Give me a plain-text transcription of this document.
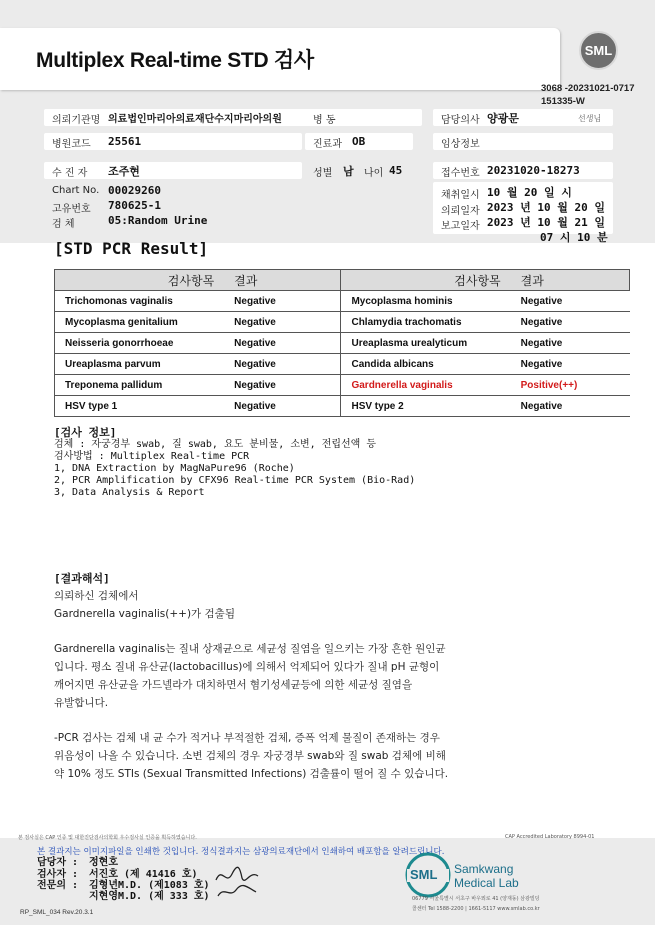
Multiplex Real-time STD 검사	SML
3068 -20231021-0717
151335-W
의뢰기관명 의료법인마리아의료재단수지마리아의원	병 동	담당의사 양광문	선생님
병원코드 25561	진료과 OB	임상정보
수 진 자 조주현	성별 남 나이 45	접수번호 20231020-18273
Chart No. 00029260
고유번호 780625-1
검 체	05:Random Urine
채취일시 10 월 20 일 시
의뢰일자 2023 년 10 월 20 일
보고일자 2023 년 10 월 21 일
07 시 10 분
[STD PCR Result]
검사항목	결과	검사항목	결과
Trichomonas vaginalis	Negative	Mycoplasma hominis	Negative
Mycoplasma genitalium	Negative	Chlamydia trachomatis	Negative
Neisseria gonorrhoeae	Negative	Ureaplasma urealyticum	Negative
Ureaplasma parvum	Negative	Candida albicans	Negative
Treponema pallidum	Negative	Gardnerella vaginalis	Positive(++)
HSV type 1	Negative	HSV type 2	Negative
[검사 정보]
검체 : 자궁경부 swab, 질 swab, 요도 분비물, 소변, 전립선액 등
검사방법 : Multiplex Real-time PCR
1, DNA Extraction by MagNaPure96 (Roche)
2, PCR Amplification by CFX96 Real-time PCR System (Bio-Rad)
3, Data Analysis & Report
[결과해석]
의뢰하신 검체에서
Gardnerella vaginalis(++)가 검출됨
Gardnerella vaginalis는 질내 상재균으로 세균성 질염을 일으키는 가장 흔한 원인균
입니다. 평소 질내 유산균(lactobacillus)에 의해서 억제되어 있다가 질내 pH 균형이
깨어지면 유산균을 가드넬라가 대치하면서 혐기성세균등에 의한 세균성 질염을
유발합니다.
-PCR 검사는 검체 내 균 수가 적거나 부적절한 검체, 증폭 억제 물질이 존재하는 경우
위음성이 나올 수 있습니다. 소변 검체의 경우 자궁경부 swab와 질 swab 검체에 비해
약 10% 정도 STIs (Sexual Transmitted Infections) 검출률이 떨어 질 수 있습니다.
본 검사실은 CAP 인증 및 대한진단검사의학회 우수검사실 인증을 획득하였습니다.	CAP Accredited Laboratory 8994-01
본 결과지는 이미지파일을 인쇄한 것입니다. 정식결과지는 삼광의료재단에서 인쇄하여 배포함을 알려드립니다.
담당자 : 정현호
검사자 : 서진호 (제 41416 호)
전문의 : 김형년M.D. (제1083 호)
지현영M.D. (제 333 호)
SML Samkwang
Medical Lab
06779 서울특별시 서초구 바우뫼로 41 (양재동) 삼광빌딩
콜센터 Tel 1588-2200 | 1661-5117 www.smlab.co.kr
RP_SML_034 Rev.20.3.1
